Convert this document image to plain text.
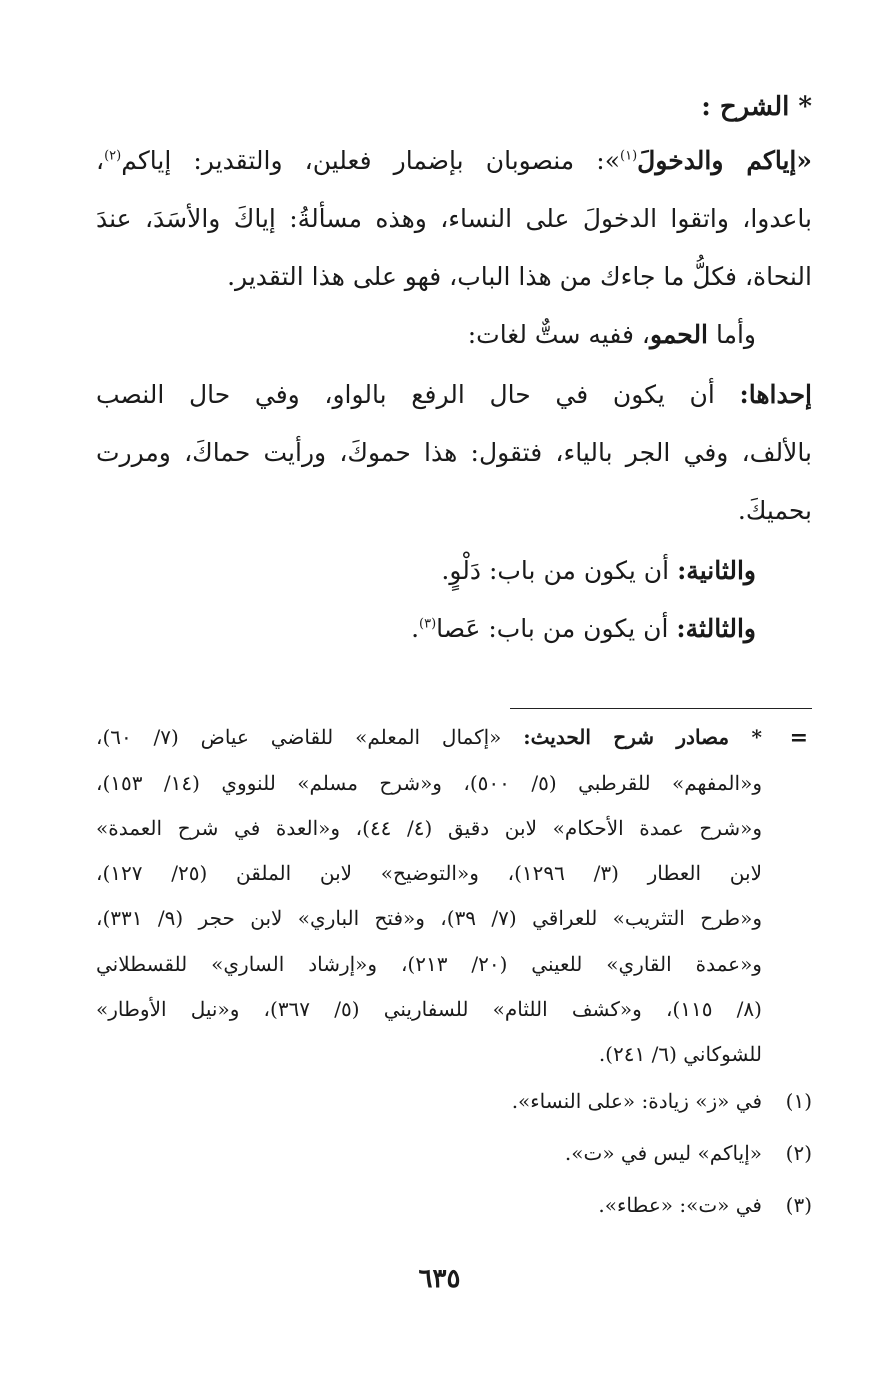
* الشرح :
«إياكم والدخولَ$^{(١)}$»: منصوبان بإضمار فعلين، والتقدير: إياكم$^{(٢)}$،
باعدوا، واتقوا الدخولَ على النساء، وهذه مسألةُ: إياكَ والأسَدَ، عندَ
النحاة، فكلُّ ما جاءك من هذا الباب، فهو على هذا التقدير.
وأما الحمو، ففيه ستٌّ لغات:
إحداها: أن يكون في حال الرفع بالواو، وفي حال النصب
بالألف، وفي الجر بالياء، فتقول: هذا حموكَ، ورأيت حماكَ، ومررت
بحميكَ.
والثانية: أن يكون من باب: دَلْوٍ.
والثالثة: أن يكون من باب: عَصا$^{(٣)}$.
=
* مصادر شرح الحديث: «إكمال المعلم» للقاضي عياض (٧/ ٦٠)،
و«المفهم» للقرطبي (٥/ ٥٠٠)، و«شرح مسلم» للنووي (١٤/ ١٥٣)،
و«شرح عمدة الأحكام» لابن دقيق (٤/ ٤٤)، و«العدة في شرح العمدة»
لابن العطار (٣/ ١٢٩٦)، و«التوضيح» لابن الملقن (٢٥/ ١٢٧)،
و«طرح التثريب» للعراقي (٧/ ٣٩)، و«فتح الباري» لابن حجر (٩/ ٣٣١)،
و«عمدة القاري» للعيني (٢٠/ ٢١٣)، و«إرشاد الساري» للقسطلاني
(٨/ ١١٥)، و«كشف اللثام» للسفاريني (٥/ ٣٦٧)، و«نيل الأوطار»
للشوكاني (٦/ ٢٤١).
(١)
في «ز» زيادة: «على النساء».
(٢)
«إياكم» ليس في «ت».
(٣)
في «ت»: «عطاء».
٦٣٥
